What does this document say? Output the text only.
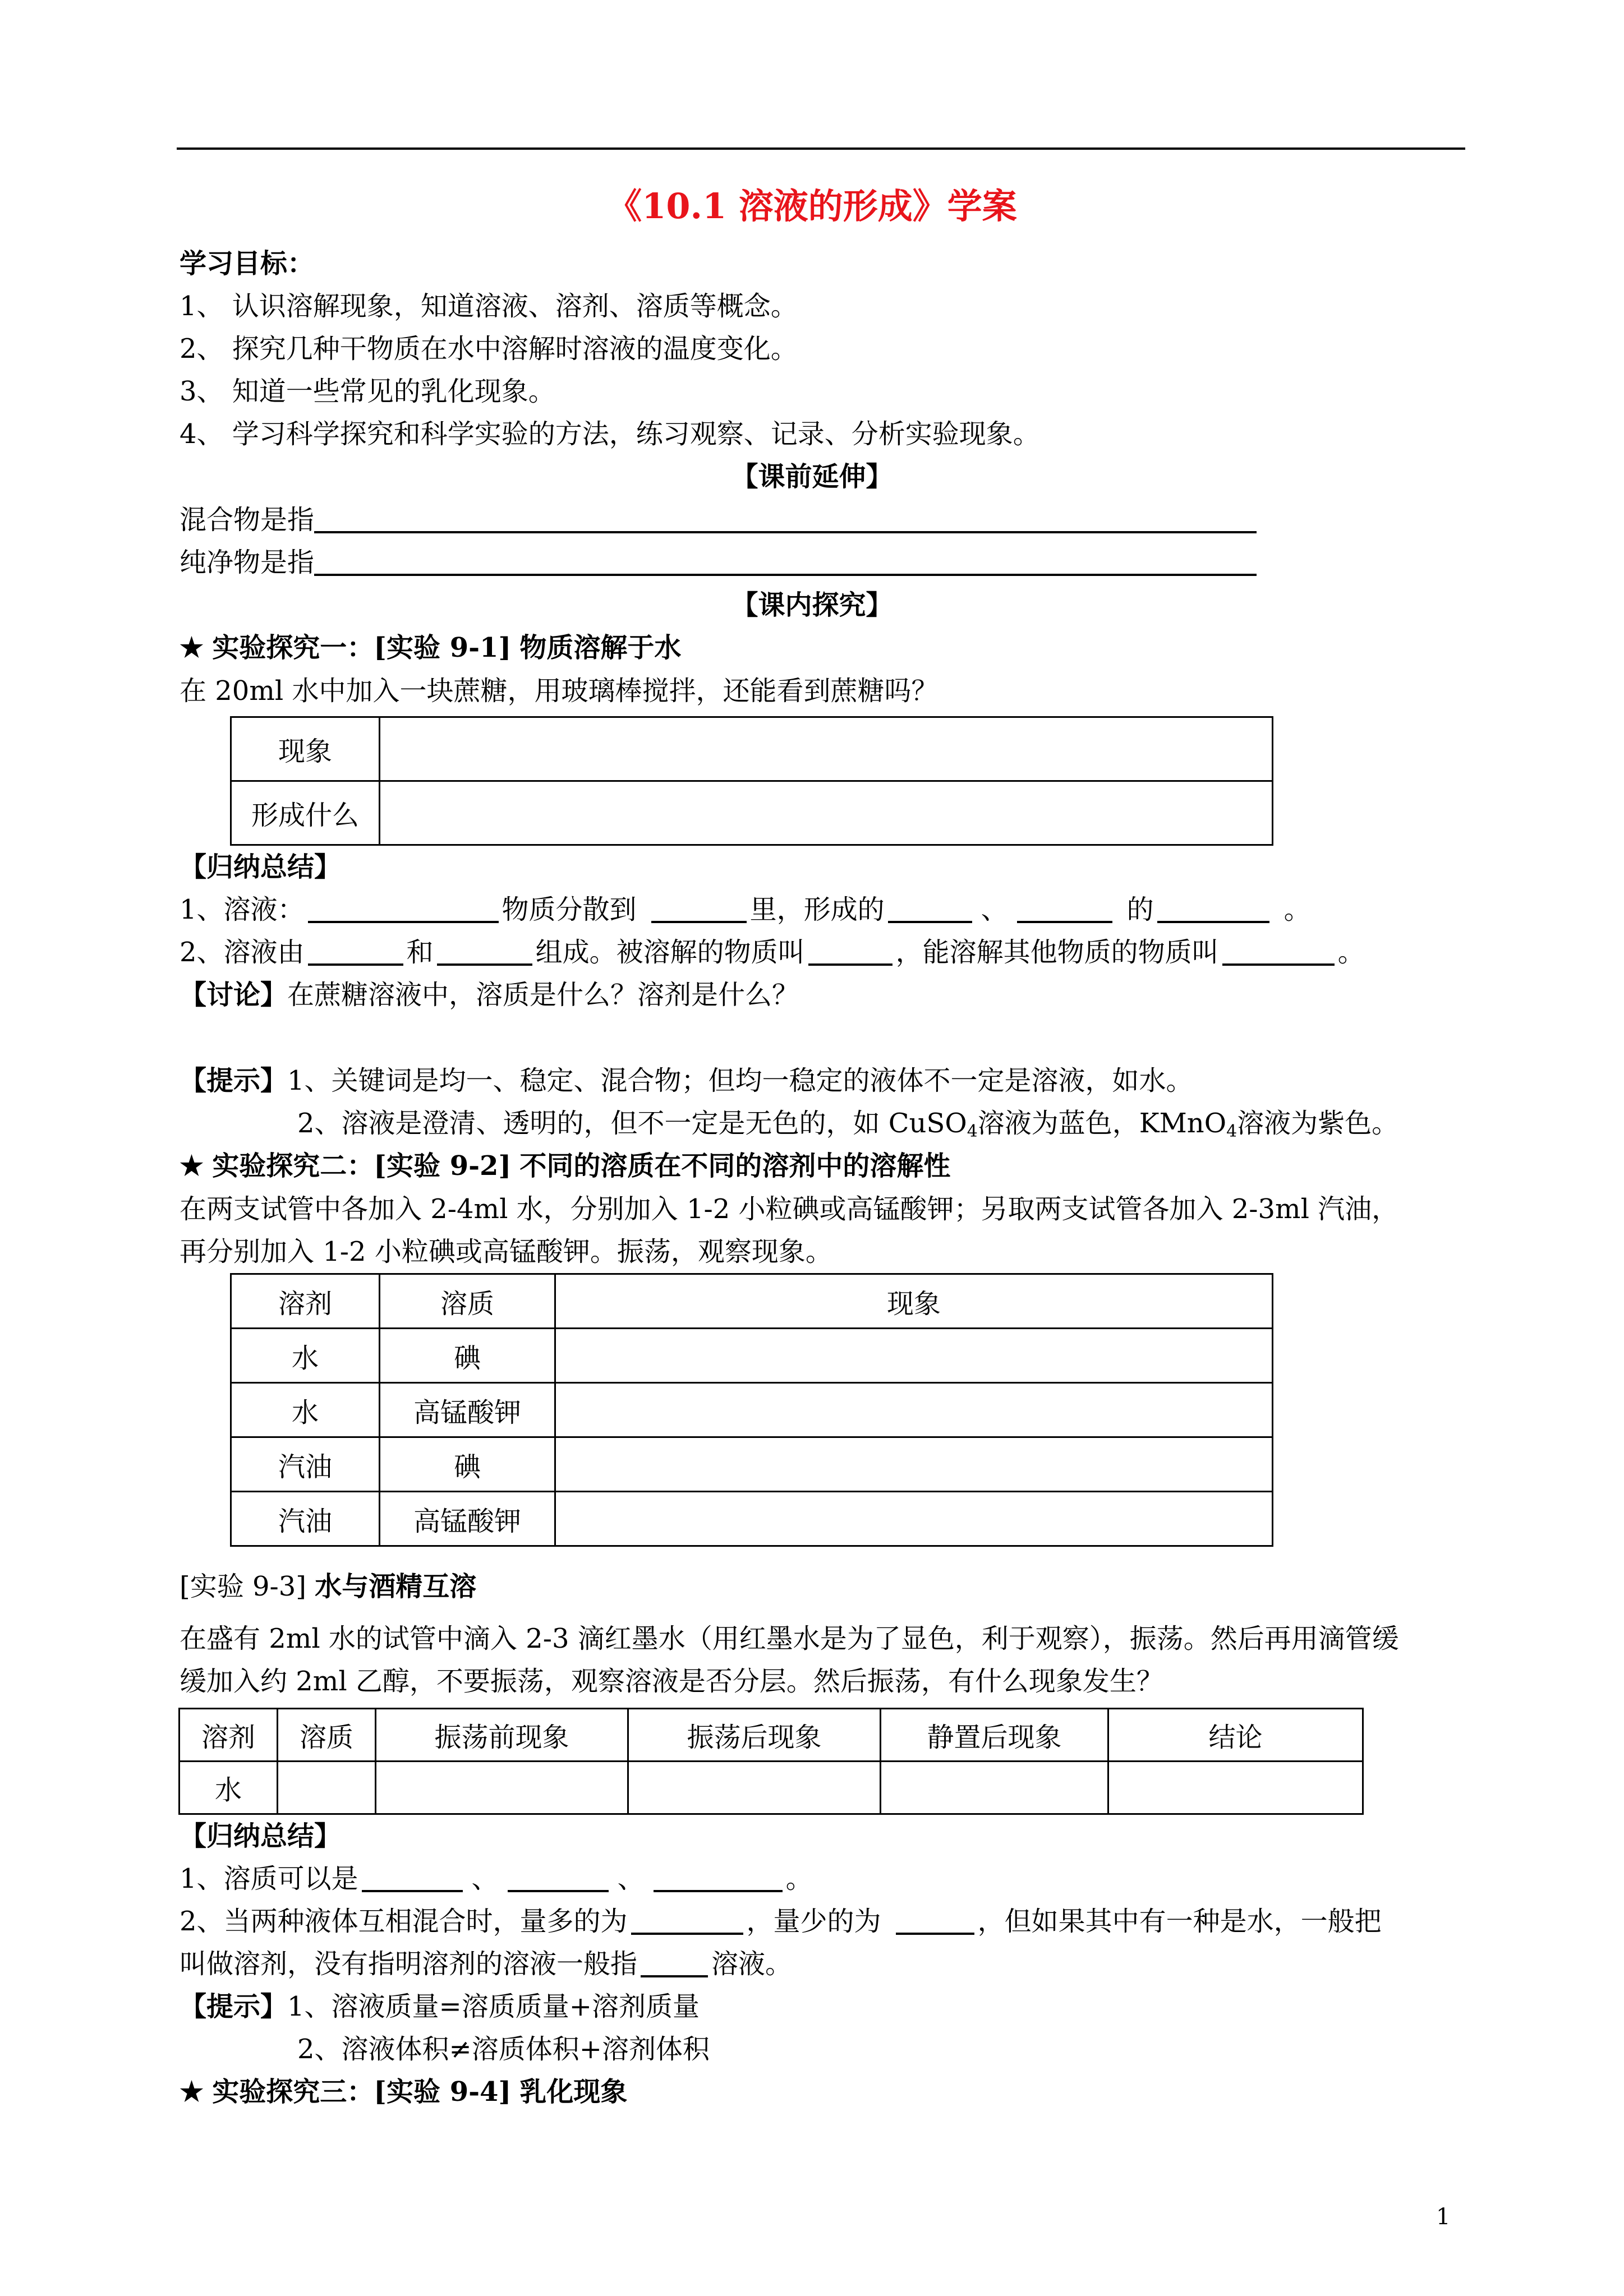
《10.1 溶液的形成》学案
学习目标：
1、 认识溶解现象，知道溶液、溶剂、溶质等概念。
2、 探究几种干物质在水中溶解时溶液的温度变化。
3、 知道一些常见的乳化现象。
4、 学习科学探究和科学实验的方法，练习观察、记录、分析实验现象。
【课前延伸】
混合物是指
纯净物是指
【课内探究】
★ 实验探究一：[实验 9-1] 物质溶解于水
在 20ml 水中加入一块蔗糖，用玻璃棒搅拌，还能看到蔗糖吗？
现象	
形成什么	
【归纳总结】
1、溶液：	物质分散到	里，形成的	、	的	。
2、溶液由	和	组成。被溶解的物质叫	，能溶解其他物质的物质叫	。
【讨论】在蔗糖溶液中，溶质是什么？溶剂是什么？
【提示】1、关键词是均一、稳定、混合物；但均一稳定的液体不一定是溶液，如水。
2、溶液是澄清、透明的，但不一定是无色的，如 CuSO$_4$溶液为蓝色，KMnO$_4$溶液为紫色。
★ 实验探究二：[实验 9-2] 不同的溶质在不同的溶剂中的溶解性
在两支试管中各加入 2-4ml 水，分别加入 1-2 小粒碘或高锰酸钾；另取两支试管各加入 2-3ml 汽油，
再分别加入 1-2 小粒碘或高锰酸钾。振荡，观察现象。
溶剂	溶质	现象
水	碘	
水	高锰酸钾	
汽油	碘	
汽油	高锰酸钾	
[实验 9-3] 水与酒精互溶
在盛有 2ml 水的试管中滴入 2-3 滴红墨水（用红墨水是为了显色，利于观察），振荡。然后再用滴管缓
缓加入约 2ml 乙醇，不要振荡，观察溶液是否分层。然后振荡，有什么现象发生？
溶剂	溶质	振荡前现象	振荡后现象	静置后现象	结论
水					
【归纳总结】
1、溶质可以是	、	、	。
2、当两种液体互相混合时，量多的为	，量少的为	，但如果其中有一种是水，一般把
叫做溶剂，没有指明溶剂的溶液一般指	溶液。
【提示】1、溶液质量=溶质质量+溶剂质量
2、溶液体积≠溶质体积+溶剂体积
★ 实验探究三：[实验 9-4] 乳化现象
1
